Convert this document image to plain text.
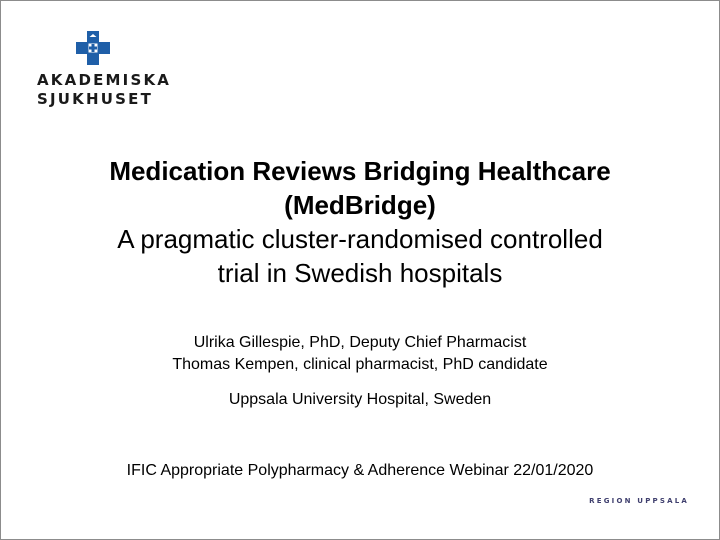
AKADEMISKA
SJUKHUSET
Medication Reviews Bridging Healthcare
(MedBridge)
A pragmatic cluster-randomised controlled
trial in Swedish hospitals
Ulrika Gillespie, PhD, Deputy Chief Pharmacist
Thomas Kempen, clinical pharmacist, PhD candidate
Uppsala University Hospital, Sweden
IFIC Appropriate Polypharmacy & Adherence Webinar 22/01/2020
REGION UPPSALA
